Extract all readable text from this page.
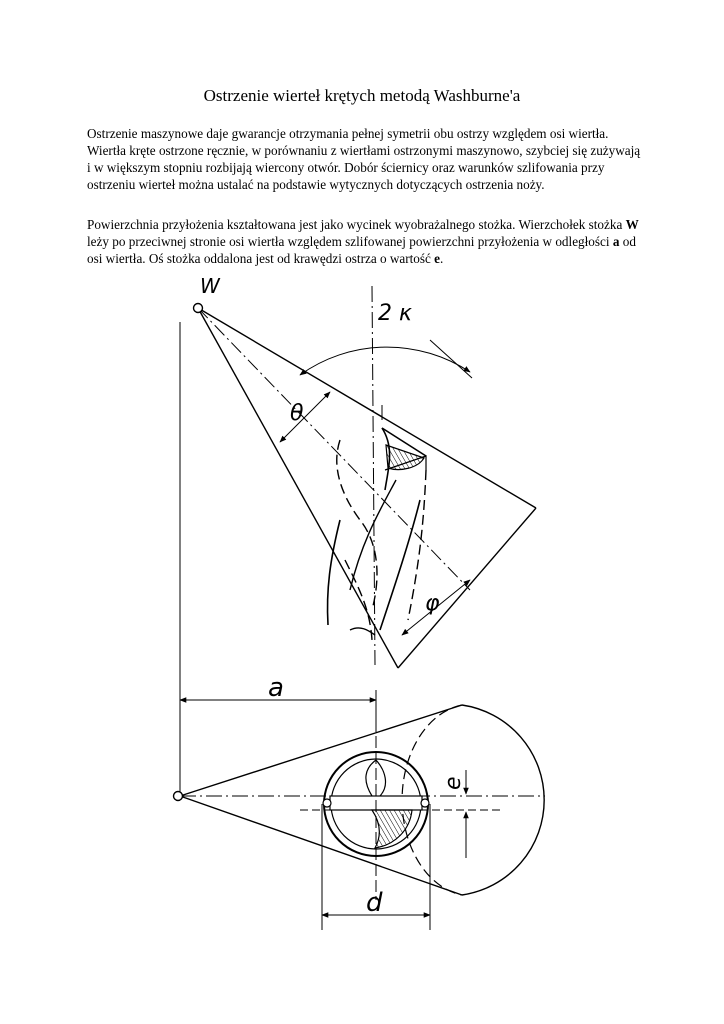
Ostrzenie wierteł krętych metodą Washburne'a

Ostrzenie maszynowe daje gwarancje otrzymania pełnej symetrii obu ostrzy względem osi wiertła. Wiertła kręte ostrzone ręcznie, w porównaniu z wiertłami ostrzonymi maszynowo, szybciej się zużywają i w większym stopniu rozbijają wiercony otwór. Dobór ściernicy oraz warunków szlifowania przy ostrzeniu wierteł można ustalać na podstawie wytycznych dotyczących ostrzenia noży.

Powierzchnia przyłożenia kształtowana jest jako wycinek wyobrażalnego stożka. Wierzchołek stożka W leży po przeciwnej stronie osi wiertła względem szlifowanej powierzchni przyłożenia w odległości a od osi wiertła. Oś stożka oddalona jest od krawędzi ostrza o wartość e.

W
2 κ
θ
φ
a
e
d
